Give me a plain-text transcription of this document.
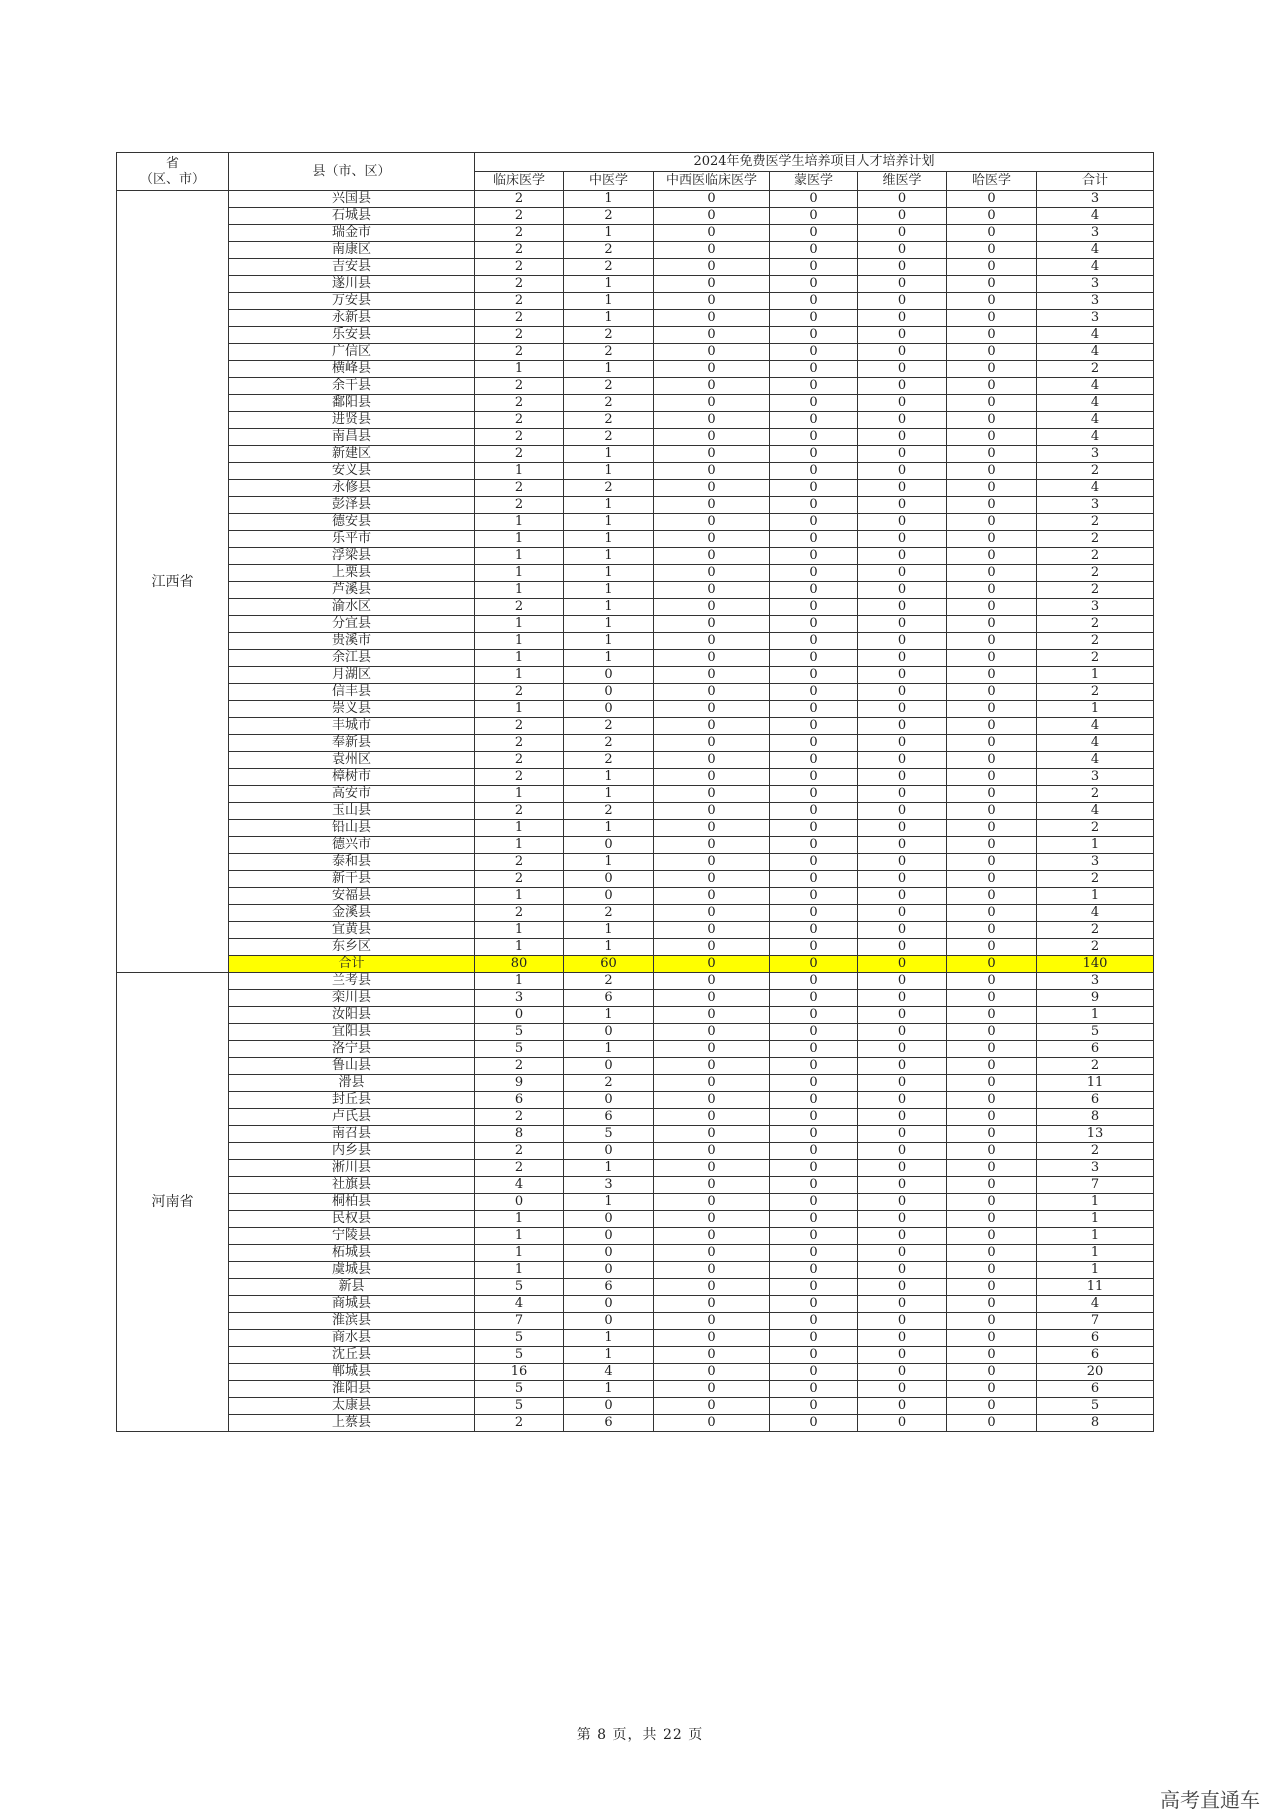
省
（区、市）	县（市、区）	2024年免费医学生培养项目人才培养计划						
		临床医学	中医学	中西医临床医学	蒙医学	维医学	哈医学	合计
江西省	兴国县	2	1	0	0	0	0	3
	石城县	2	2	0	0	0	0	4
	瑞金市	2	1	0	0	0	0	3
	南康区	2	2	0	0	0	0	4
	吉安县	2	2	0	0	0	0	4
	遂川县	2	1	0	0	0	0	3
	万安县	2	1	0	0	0	0	3
	永新县	2	1	0	0	0	0	3
	乐安县	2	2	0	0	0	0	4
	广信区	2	2	0	0	0	0	4
	横峰县	1	1	0	0	0	0	2
	余干县	2	2	0	0	0	0	4
	鄱阳县	2	2	0	0	0	0	4
	进贤县	2	2	0	0	0	0	4
	南昌县	2	2	0	0	0	0	4
	新建区	2	1	0	0	0	0	3
	安义县	1	1	0	0	0	0	2
	永修县	2	2	0	0	0	0	4
	彭泽县	2	1	0	0	0	0	3
	德安县	1	1	0	0	0	0	2
	乐平市	1	1	0	0	0	0	2
	浮梁县	1	1	0	0	0	0	2
	上栗县	1	1	0	0	0	0	2
	芦溪县	1	1	0	0	0	0	2
	渝水区	2	1	0	0	0	0	3
	分宜县	1	1	0	0	0	0	2
	贵溪市	1	1	0	0	0	0	2
	余江县	1	1	0	0	0	0	2
	月湖区	1	0	0	0	0	0	1
	信丰县	2	0	0	0	0	0	2
	崇义县	1	0	0	0	0	0	1
	丰城市	2	2	0	0	0	0	4
	奉新县	2	2	0	0	0	0	4
	袁州区	2	2	0	0	0	0	4
	樟树市	2	1	0	0	0	0	3
	高安市	1	1	0	0	0	0	2
	玉山县	2	2	0	0	0	0	4
	铅山县	1	1	0	0	0	0	2
	德兴市	1	0	0	0	0	0	1
	泰和县	2	1	0	0	0	0	3
	新干县	2	0	0	0	0	0	2
	安福县	1	0	0	0	0	0	1
	金溪县	2	2	0	0	0	0	4
	宜黄县	1	1	0	0	0	0	2
	东乡区	1	1	0	0	0	0	2
	合计	80	60	0	0	0	0	140
河南省	兰考县	1	2	0	0	0	0	3
	栾川县	3	6	0	0	0	0	9
	汝阳县	0	1	0	0	0	0	1
	宜阳县	5	0	0	0	0	0	5
	洛宁县	5	1	0	0	0	0	6
	鲁山县	2	0	0	0	0	0	2
	滑县	9	2	0	0	0	0	11
	封丘县	6	0	0	0	0	0	6
	卢氏县	2	6	0	0	0	0	8
	南召县	8	5	0	0	0	0	13
	内乡县	2	0	0	0	0	0	2
	淅川县	2	1	0	0	0	0	3
	社旗县	4	3	0	0	0	0	7
	桐柏县	0	1	0	0	0	0	1
	民权县	1	0	0	0	0	0	1
	宁陵县	1	0	0	0	0	0	1
	柘城县	1	0	0	0	0	0	1
	虞城县	1	0	0	0	0	0	1
	新县	5	6	0	0	0	0	11
	商城县	4	0	0	0	0	0	4
	淮滨县	7	0	0	0	0	0	7
	商水县	5	1	0	0	0	0	6
	沈丘县	5	1	0	0	0	0	6
	郸城县	16	4	0	0	0	0	20
	淮阳县	5	1	0	0	0	0	6
	太康县	5	0	0	0	0	0	5
	上蔡县	2	6	0	0	0	0	8
第 8 页，共 22 页
高考直通车
